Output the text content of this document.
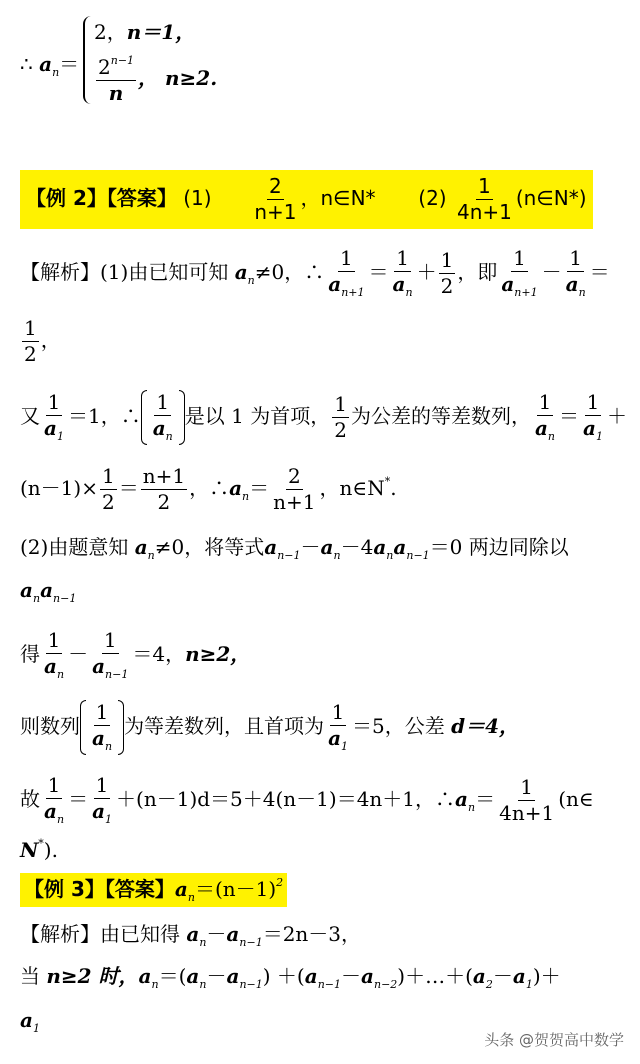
∴ $a_n=$
2，n＝1，
$\frac{2^{n-1}}{n}$ ， n≥2.
【例 2】【答案】 $(1) \frac{2}{n+1}$ ，n∈N* $(2) \frac{1}{4n+1}$ (n∈N*)
【解析】(1)由已知可知 $a_n\ne 0$，∴ $\frac{1}{a_{n+1}} = \frac{1}{a_n} + \frac{1}{2}$ ，即 $\frac{1}{a_{n+1}} - \frac{1}{a_n}$ ＝
$\frac{1}{2}$ ，
又 $\frac{1}{a_1} =1$，∴ $\frac{1}{a_n}$ 是以 1 为首项， $\frac{1}{2}$ 为公差的等差数列， $\frac{1}{a_n} = \frac{1}{a_1}$ ＋
$(n-1)\times \frac{1}{2} = \frac{n+1}{2}$ ，$\therefore a_n= \frac{2}{n+1}$ ，n∈N*.
(2)由题意知 $a_n\ne 0$，将等式$a_{n-1}-a_n-4a_na_{n-1}=0$ 两边同除以
$a_na_{n-1}$
得 $\frac{1}{a_n} - \frac{1}{a_{n-1}} =4$，n≥2，
则数列 $\frac{1}{a_n}$ 为等差数列，且首项为 $\frac{1}{a_1} =5$，公差 d＝4，
故 $\frac{1}{a_n} = \frac{1}{a_1} +(n-1)d=5+4(n-1)=4n+1$，$\therefore a_n= \frac{1}{4n+1}$ (n∈
N*).
【例 3】【答案】$a_n=(n-1)^2$
【解析】由已知得 $a_n-a_{n-1}=2n-3$，
当 n≥2 时，$a_n=(a_n-a_{n-1})$ $+(a_{n-1}-a_{n-2})+\dots+(a_2-a_1)+$
$a_1$
头条 @贺贺高中数学
